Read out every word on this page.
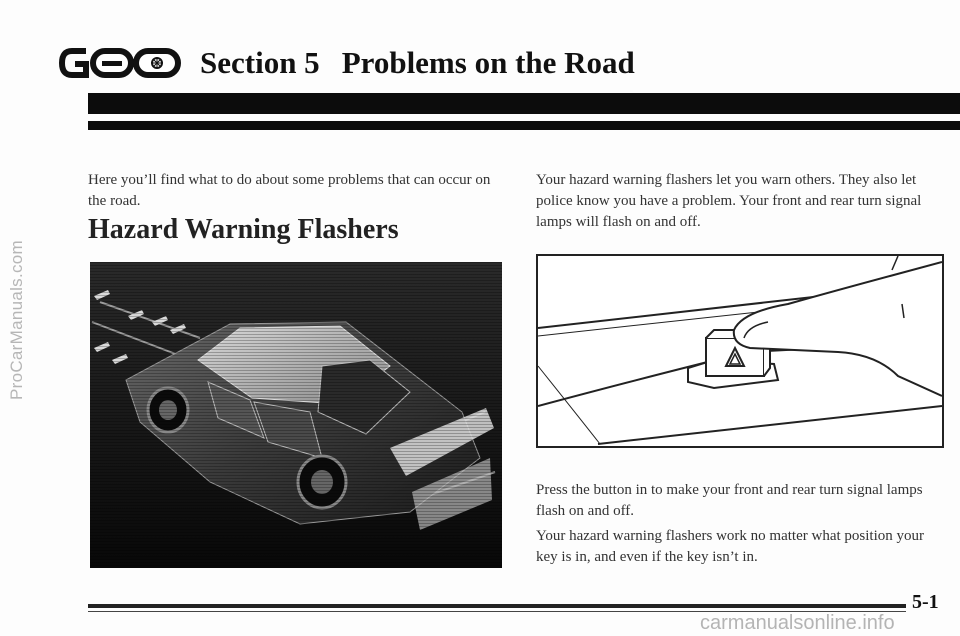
ProCarManuals.com
Section 5 Problems on the Road

Here you’ll find what to do about some problems that can occur on the road.

Hazard Warning Flashers

Your hazard warning flashers let you warn others. They also let police know you have a problem. Your front and rear turn signal lamps will flash on and off.

Press the button in to make your front and rear turn signal lamps flash on and off.

Your hazard warning flashers work no matter what position your key is in, and even if the key isn’t in.

5-1
carmanualsonline.info
